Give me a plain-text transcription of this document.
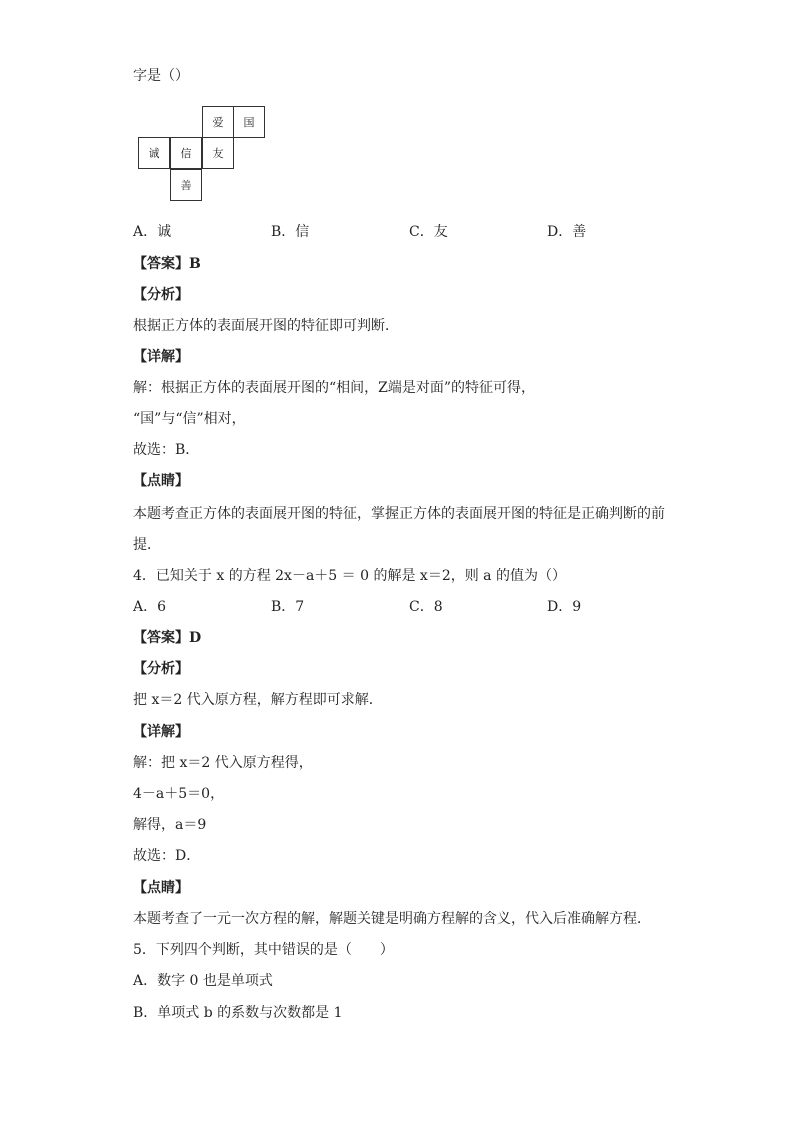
字是（）
爱	国
诚	信	友
善
A．诚	B．信	C．友	D．善
【答案】B
【分析】
根据正方体的表面展开图的特征即可判断．
【详解】
解：根据正方体的表面展开图的“相间，Z端是对面”的特征可得，
“国”与“信”相对，
故选：B．
【点睛】
本题考查正方体的表面展开图的特征，掌握正方体的表面展开图的特征是正确判断的前
提．
4．已知关于 x 的方程 2x－a＋5 ＝ 0 的解是 x＝2，则 a 的值为（）
A．6	B．7	C．8	D．9
【答案】D
【分析】
把 x＝2 代入原方程，解方程即可求解．
【详解】
解：把 x＝2 代入原方程得，
4－a＋5＝0，
解得，a＝9
故选：D．
【点睛】
本题考查了一元一次方程的解，解题关键是明确方程解的含义，代入后准确解方程．
5．下列四个判断，其中错误的是（　　）
A．数字 0 也是单项式
B．单项式 b 的系数与次数都是 1
